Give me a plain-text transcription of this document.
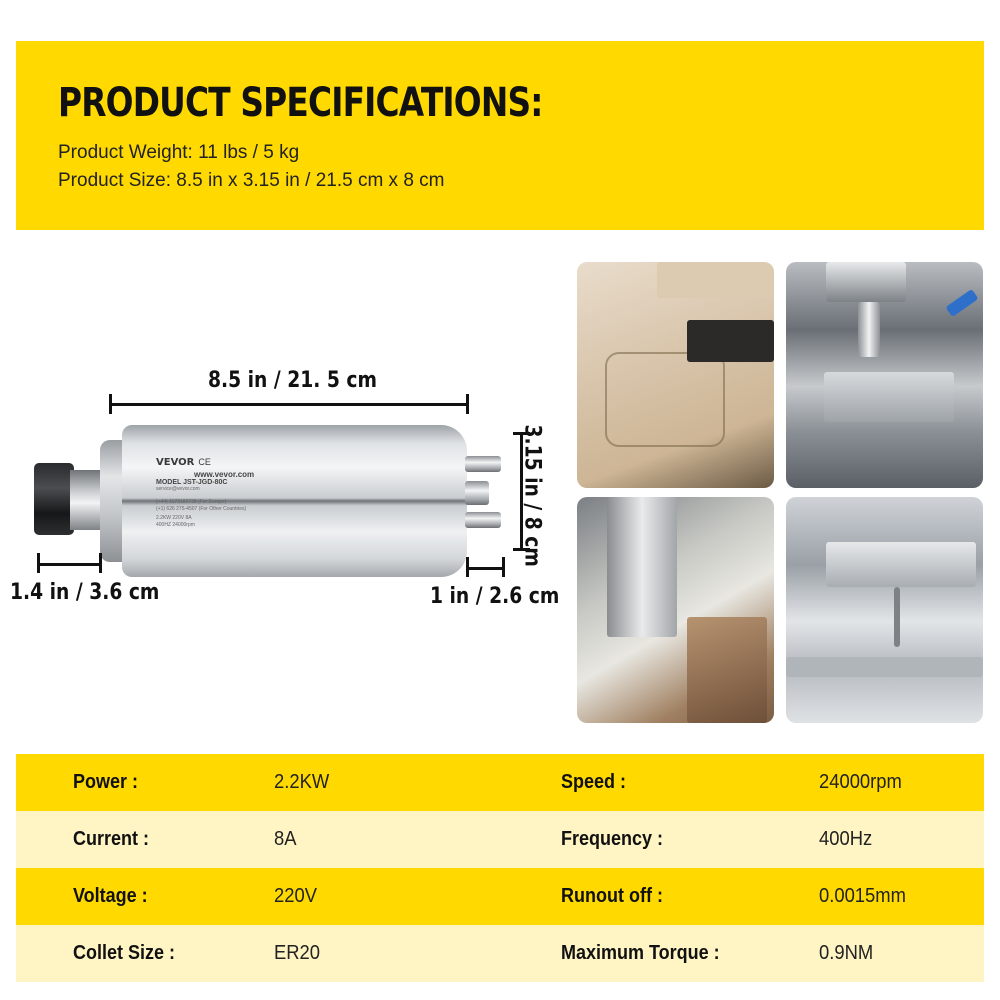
PRODUCT SPECIFICATIONS:
Product Weight: 11 lbs / 5 kg
Product Size: 8.5 in x 3.15 in / 21.5 cm x 8 cm
8.5 in / 21. 5 cm
VEVOR CE
www.vevor.com
MODEL JST-JGD-80C
service@vevor.com
(+44) 1173182738 (For Europe)
(+1) 626 275-4507 (For Other Countries)
2.2KW 220V 8A
400HZ 24000rpm	3.15 in / 8 cm
1.4 in / 3.6 cm	1 in / 2.6 cm
Power :	2.2KW	Speed :	24000rpm
Current :	8A	Frequency :	400Hz
Voltage :	220V	Runout off :	0.0015mm
Collet Size :	ER20	Maximum Torque :	0.9NM
